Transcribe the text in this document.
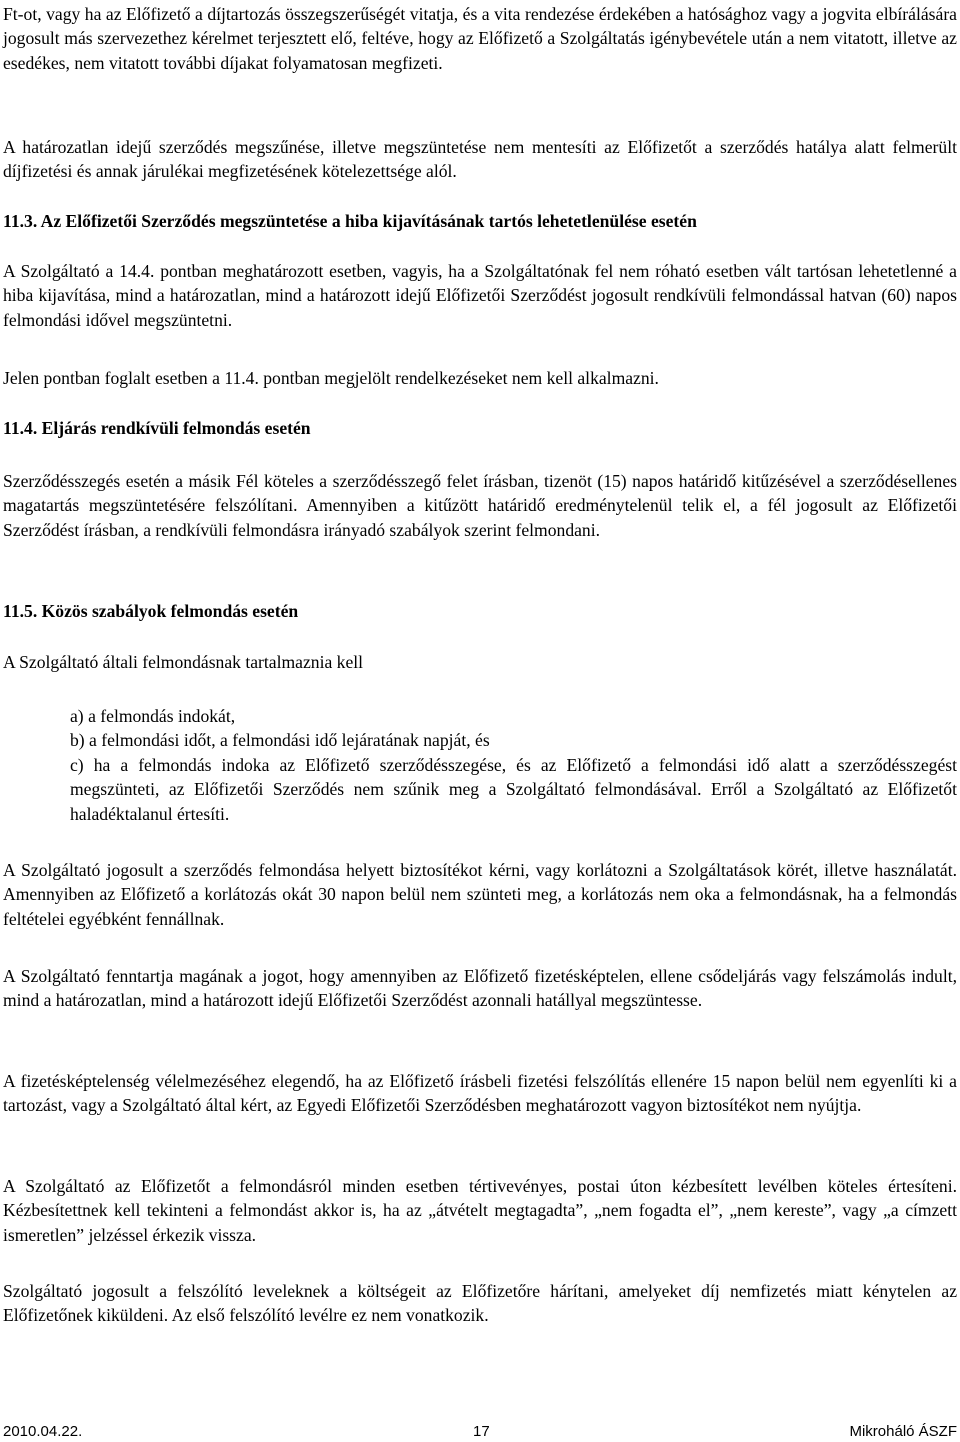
Ft-ot, vagy ha az Előfizető a díjtartozás összegszerűségét vitatja, és a vita rendezése érdekében a hatósághoz vagy a jogvita elbírálására jogosult más szervezethez kérelmet terjesztett elő, feltéve, hogy az Előfizető a Szolgáltatás igénybevétele után a nem vitatott, illetve az esedékes, nem vitatott további díjakat folyamatosan megfizeti.

A határozatlan idejű szerződés megszűnése, illetve megszüntetése nem mentesíti az Előfizetőt a szerződés hatálya alatt felmerült díjfizetési és annak járulékai megfizetésének kötelezettsége alól.

11.3. Az Előfizetői Szerződés megszüntetése a hiba kijavításának tartós lehetetlenülése esetén

A Szolgáltató a 14.4. pontban meghatározott esetben, vagyis, ha a Szolgáltatónak fel nem róható esetben vált tartósan lehetetlenné a hiba kijavítása, mind a határozatlan, mind a határozott idejű Előfizetői Szerződést jogosult rendkívüli felmondással hatvan (60) napos felmondási idővel megszüntetni.

Jelen pontban foglalt esetben a 11.4. pontban megjelölt rendelkezéseket nem kell alkalmazni.

11.4. Eljárás rendkívüli felmondás esetén

Szerződésszegés esetén a másik Fél köteles a szerződésszegő felet írásban, tizenöt (15) napos határidő kitűzésével a szerződésellenes magatartás megszüntetésére felszólítani. Amennyiben a kitűzött határidő eredménytelenül telik el, a fél jogosult az Előfizetői Szerződést írásban, a rendkívüli felmondásra irányadó szabályok szerint felmondani.

11.5. Közös szabályok felmondás esetén

A Szolgáltató általi felmondásnak tartalmaznia kell

a) a felmondás indokát,

b) a felmondási időt, a felmondási idő lejáratának napját, és

c) ha a felmondás indoka az Előfizető szerződésszegése, és az Előfizető a felmondási idő alatt a szerződésszegést megszünteti, az Előfizetői Szerződés nem szűnik meg a Szolgáltató felmondásával. Erről a Szolgáltató az Előfizetőt haladéktalanul értesíti.

A Szolgáltató jogosult a szerződés felmondása helyett biztosítékot kérni, vagy korlátozni a Szolgáltatások körét, illetve használatát. Amennyiben az Előfizető a korlátozás okát 30 napon belül nem szünteti meg, a korlátozás nem oka a felmondásnak, ha a felmondás feltételei egyébként fennállnak.

A Szolgáltató fenntartja magának a jogot, hogy amennyiben az Előfizető fizetésképtelen, ellene csődeljárás vagy felszámolás indult, mind a határozatlan, mind a határozott idejű Előfizetői Szerződést azonnali hatállyal megszüntesse.

A fizetésképtelenség vélelmezéséhez elegendő, ha az Előfizető írásbeli fizetési felszólítás ellenére 15 napon belül nem egyenlíti ki a tartozást, vagy a Szolgáltató által kért, az Egyedi Előfizetői Szerződésben meghatározott vagyon biztosítékot nem nyújtja.

A Szolgáltató az Előfizetőt a felmondásról minden esetben tértivevényes, postai úton kézbesített levélben köteles értesíteni. Kézbesítettnek kell tekinteni a felmondást akkor is, ha az „átvételt megtagadta”, „nem fogadta el”, „nem kereste”, vagy „a címzett ismeretlen” jelzéssel érkezik vissza.

Szolgáltató jogosult a felszólító leveleknek a költségeit az Előfizetőre hárítani, amelyeket díj nemfizetés miatt kénytelen az Előfizetőnek kiküldeni. Az első felszólító levélre ez nem vonatkozik.

2010.04.22.	17	Mikroháló ÁSZF
